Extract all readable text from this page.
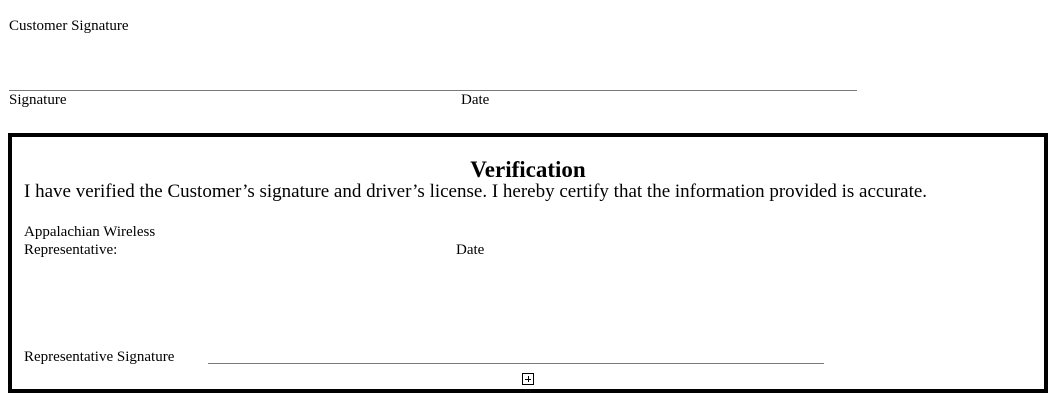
Customer Signature
Signature	Date
Verification
I have verified the Customer’s signature and driver’s license. I hereby certify that the information provided is accurate.
Appalachian Wireless
Representative:	Date
Representative Signature
